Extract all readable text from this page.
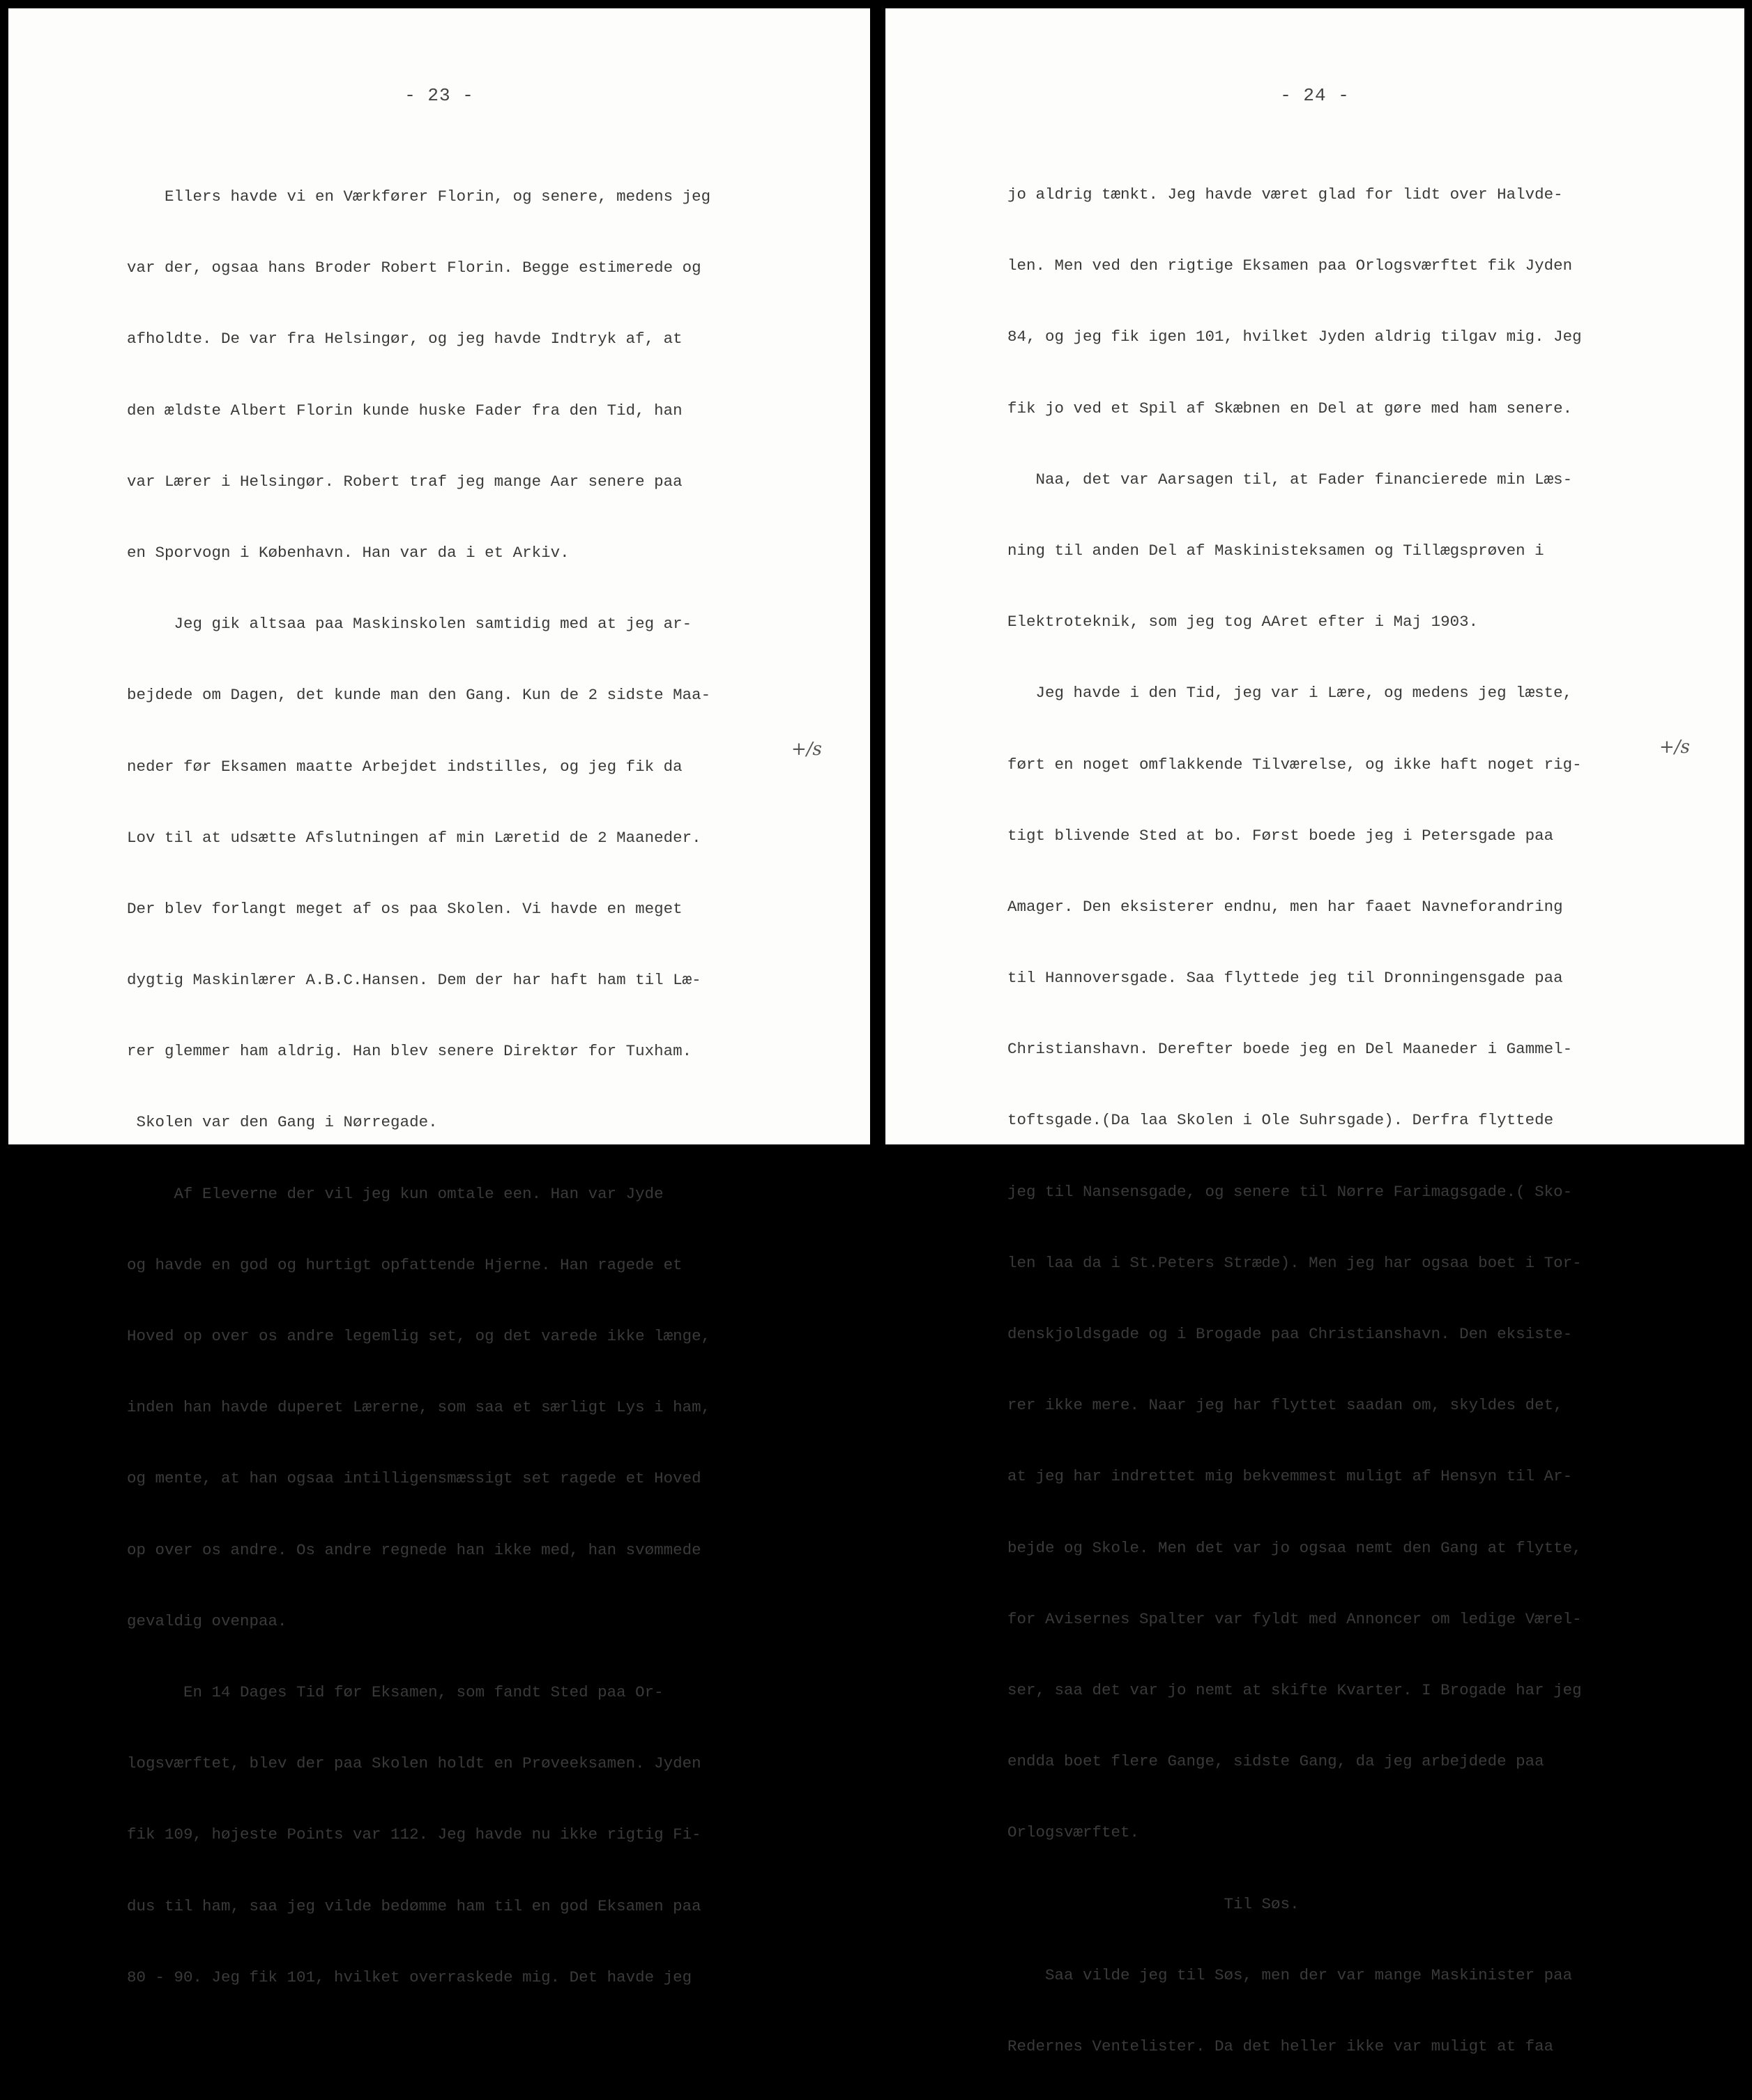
- 23 -

Ellers havde vi en Værkfører Florin, og senere, medens jeg

var der, ogsaa hans Broder Robert Florin. Begge estimerede og

afholdte. De var fra Helsingør, og jeg havde Indtryk af, at

den ældste Albert Florin kunde huske Fader fra den Tid, han

var Lærer i Helsingør. Robert traf jeg mange Aar senere paa

en Sporvogn i København. Han var da i et Arkiv.

Jeg gik altsaa paa Maskinskolen samtidig med at jeg ar-

bejdede om Dagen, det kunde man den Gang. Kun de 2 sidste Maa-

neder før Eksamen maatte Arbejdet indstilles, og jeg fik da

Lov til at udsætte Afslutningen af min Læretid de 2 Maaneder.

Der blev forlangt meget af os paa Skolen. Vi havde en meget

dygtig Maskinlærer A.B.C.Hansen. Dem der har haft ham til Læ-

rer glemmer ham aldrig. Han blev senere Direktør for Tuxham.

Skolen var den Gang i Nørregade.

Af Eleverne der vil jeg kun omtale een. Han var Jyde

og havde en god og hurtigt opfattende Hjerne. Han ragede et

Hoved op over os andre legemlig set, og det varede ikke længe,

inden han havde duperet Lærerne, som saa et særligt Lys i ham,

og mente, at han ogsaa intilligensmæssigt set ragede et Hoved

op over os andre. Os andre regnede han ikke med, han svømmede

gevaldig ovenpaa.

En 14 Dages Tid før Eksamen, som fandt Sted paa Or-

logsværftet, blev der paa Skolen holdt en Prøveeksamen. Jyden

fik 109, højeste Points var 112. Jeg havde nu ikke rigtig Fi-

dus til ham, saa jeg vilde bedømme ham til en god Eksamen paa

80 - 90. Jeg fik 101, hvilket overraskede mig. Det havde jeg

+/s
- 24 -

jo aldrig tænkt. Jeg havde været glad for lidt over Halvde-

len. Men ved den rigtige Eksamen paa Orlogsværftet fik Jyden

84, og jeg fik igen 101, hvilket Jyden aldrig tilgav mig. Jeg

fik jo ved et Spil af Skæbnen en Del at gøre med ham senere.

Naa, det var Aarsagen til, at Fader financierede min Læs-

ning til anden Del af Maskinisteksamen og Tillægsprøven i

Elektroteknik, som jeg tog AAret efter i Maj 1903.

Jeg havde i den Tid, jeg var i Lære, og medens jeg læste,

ført en noget omflakkende Tilværelse, og ikke haft noget rig-

tigt blivende Sted at bo. Først boede jeg i Petersgade paa

Amager. Den eksisterer endnu, men har faaet Navneforandring

til Hannoversgade. Saa flyttede jeg til Dronningensgade paa

Christianshavn. Derefter boede jeg en Del Maaneder i Gammel-

toftsgade.(Da laa Skolen i Ole Suhrsgade). Derfra flyttede

jeg til Nansensgade, og senere til Nørre Farimagsgade.( Sko-

len laa da i St.Peters Stræde). Men jeg har ogsaa boet i Tor-

denskjoldsgade og i Brogade paa Christianshavn. Den eksiste-

rer ikke mere. Naar jeg har flyttet saadan om, skyldes det,

at jeg har indrettet mig bekvemmest muligt af Hensyn til Ar-

bejde og Skole. Men det var jo ogsaa nemt den Gang at flytte,

for Avisernes Spalter var fyldt med Annoncer om ledige Værel-

ser, saa det var jo nemt at skifte Kvarter. I Brogade har jeg

endda boet flere Gange, sidste Gang, da jeg arbejdede paa

Orlogsværftet.

Til Søs.

Saa vilde jeg til Søs, men der var mange Maskinister paa

Redernes Ventelister. Da det heller ikke var muligt at faa

+/s
